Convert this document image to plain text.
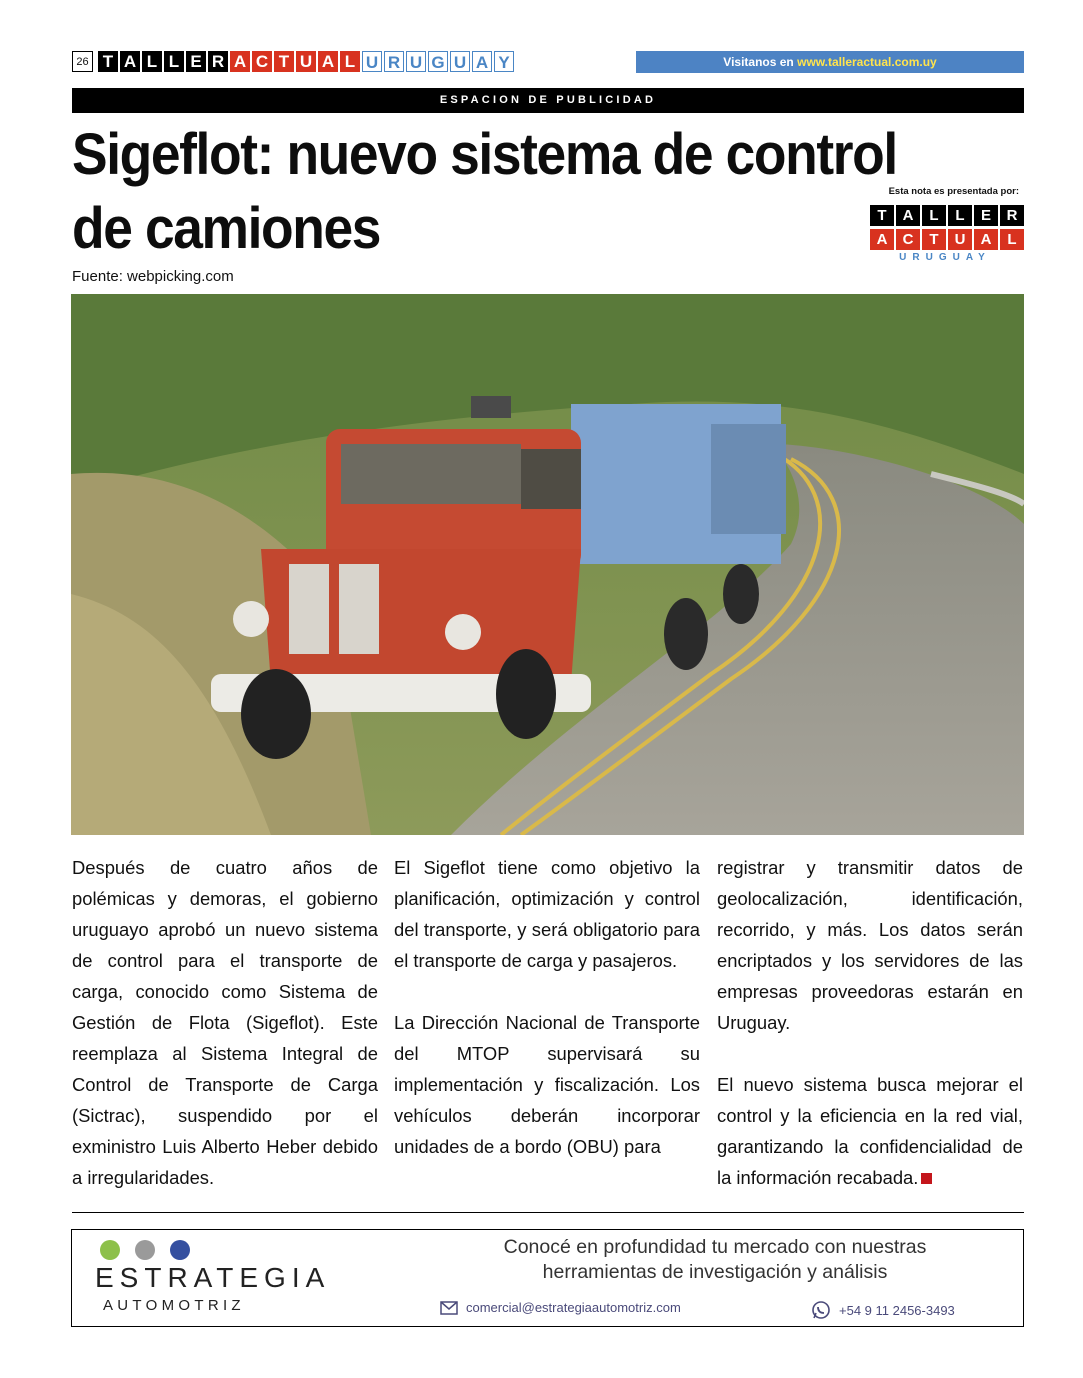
26 T A L L E R A C T U A L U R U G U A Y	Visitanos en www.talleractual.com.uy
ESPACION DE PUBLICIDAD
Sigeflot: nuevo sistema de control de camiones
Esta nota es presentada por:
T	A	L	L	E	R
A	C	T	U	A	L
URUGUAY
Fuente: webpicking.com

Después de cuatro años de polémicas y demoras, el gobierno uruguayo aprobó un nuevo sistema de control para el transporte de carga, conocido como Sistema de Gestión de Flota (Sigeflot). Este reemplaza al Sistema Integral de Control de Transporte de Carga (Sictrac), suspendido por el exministro Luis Alberto Heber debido a irregularidades.

El Sigeflot tiene como objetivo la planificación, optimización y control del transporte, y será obligatorio para el transporte de carga y pasajeros.

La Dirección Nacional de Transporte del MTOP supervisará su implementación y fiscalización. Los vehículos deberán incorporar unidades de a bordo (OBU) para

registrar y transmitir datos de geolocalización, identificación, recorrido, y más. Los datos serán encriptados y los servidores de las empresas proveedoras estarán en Uruguay.

El nuevo sistema busca mejorar el control y la eficiencia en la red vial, garantizando la confidencialidad de la información recabada.

ESTRATEGIA
AUTOMOTRIZ
Conocé en profundidad tu mercado con nuestras
herramientas de investigación y análisis
comercial@estrategiaautomotriz.com	+54 9 11 2456-3493
